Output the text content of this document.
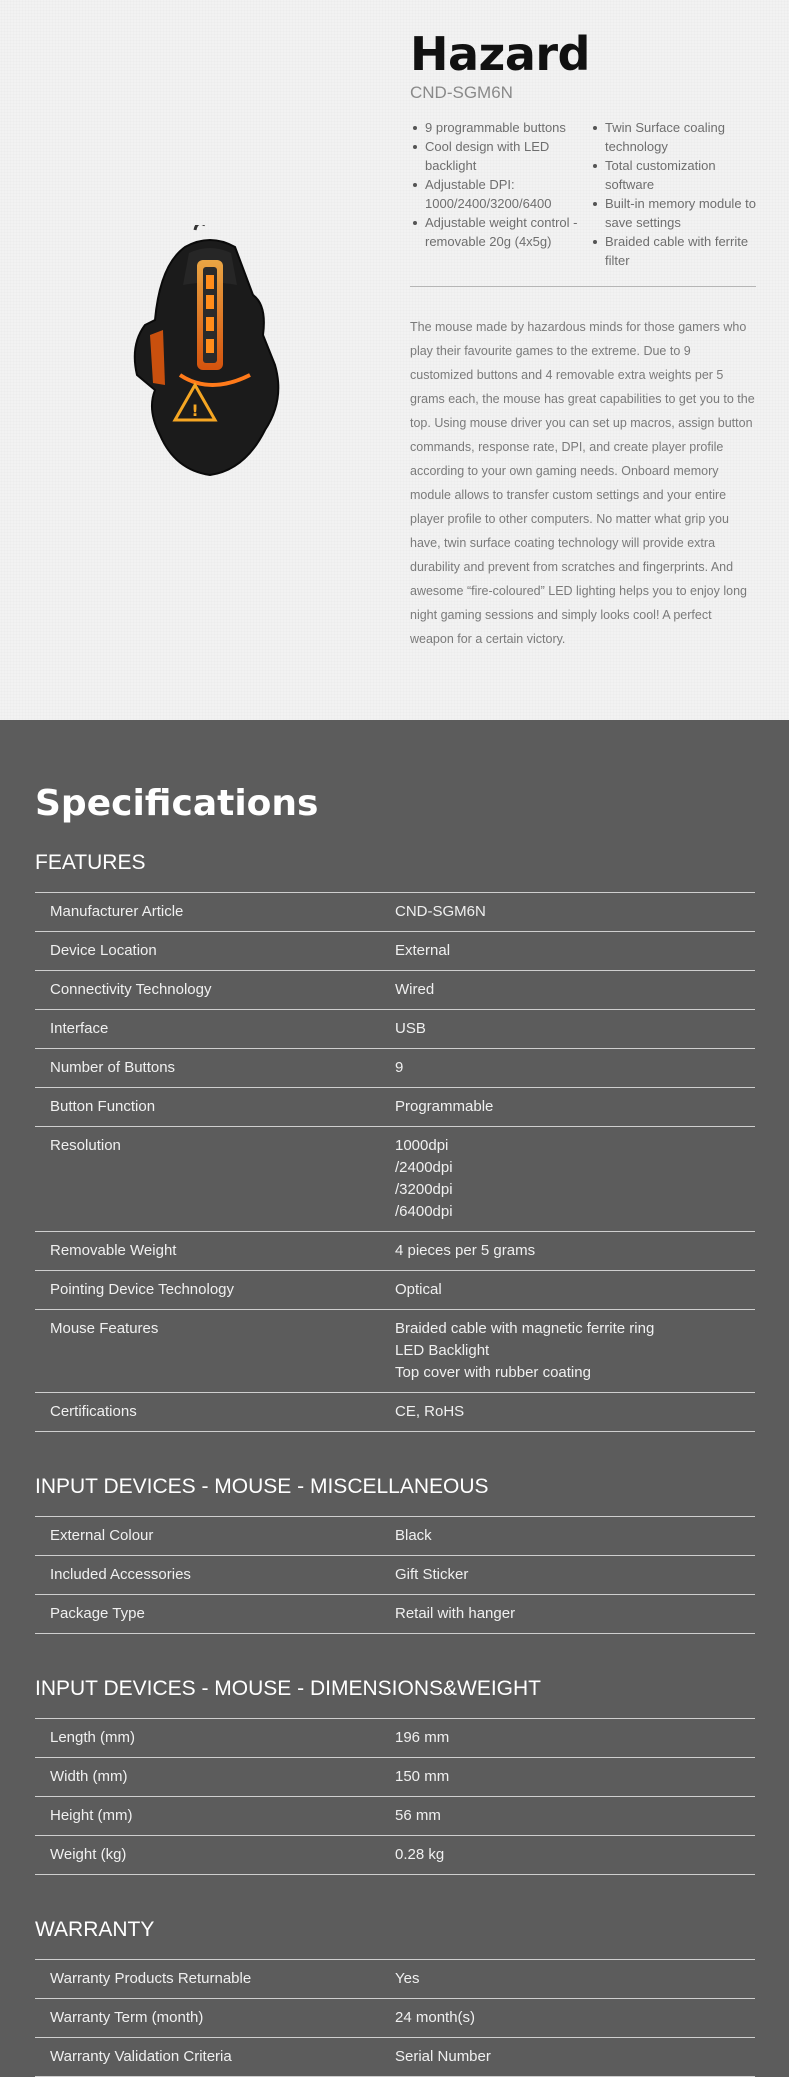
!
Hazard
CND-SGM6N
9 programmable buttons
Cool design with LED backlight
Adjustable DPI: 1000/2400/3200/6400
Adjustable weight control - removable 20g (4x5g)
Twin Surface coaling technology
Total customization software
Built-in memory module to save settings
Braided cable with ferrite filter

The mouse made by hazardous minds for those gamers who play their favourite games to the extreme. Due to 9 customized buttons and 4 removable extra weights per 5 grams each, the mouse has great capabilities to get you to the top. Using mouse driver you can set up macros, assign button commands, response rate, DPI, and create player profile according to your own gaming needs. Onboard memory module allows to transfer custom settings and your entire player profile to other computers. No matter what grip you have, twin surface coating technology will provide extra durability and prevent from scratches and fingerprints. And awesome “fire-coloured” LED lighting helps you to enjoy long night gaming sessions and simply looks cool! A perfect weapon for a certain victory.

Specifications
FEATURES
Manufacturer Article	CND-SGM6N
Device Location	External
Connectivity Technology	Wired
Interface	USB
Number of Buttons	9
Button Function	Programmable
Resolution	1000dpi
/2400dpi
/3200dpi
/6400dpi
Removable Weight	4 pieces per 5 grams
Pointing Device Technology	Optical
Mouse Features	Braided cable with magnetic ferrite ring
LED Backlight
Top cover with rubber coating
Certifications	CE, RoHS
INPUT DEVICES - MOUSE - MISCELLANEOUS
External Colour	Black
Included Accessories	Gift Sticker
Package Type	Retail with hanger
INPUT DEVICES - MOUSE - DIMENSIONS&WEIGHT
Length (mm)	196 mm
Width (mm)	150 mm
Height (mm)	56 mm
Weight (kg)	0.28 kg
WARRANTY
Warranty Products Returnable	Yes
Warranty Term (month)	24 month(s)
Warranty Validation Criteria	Serial Number
